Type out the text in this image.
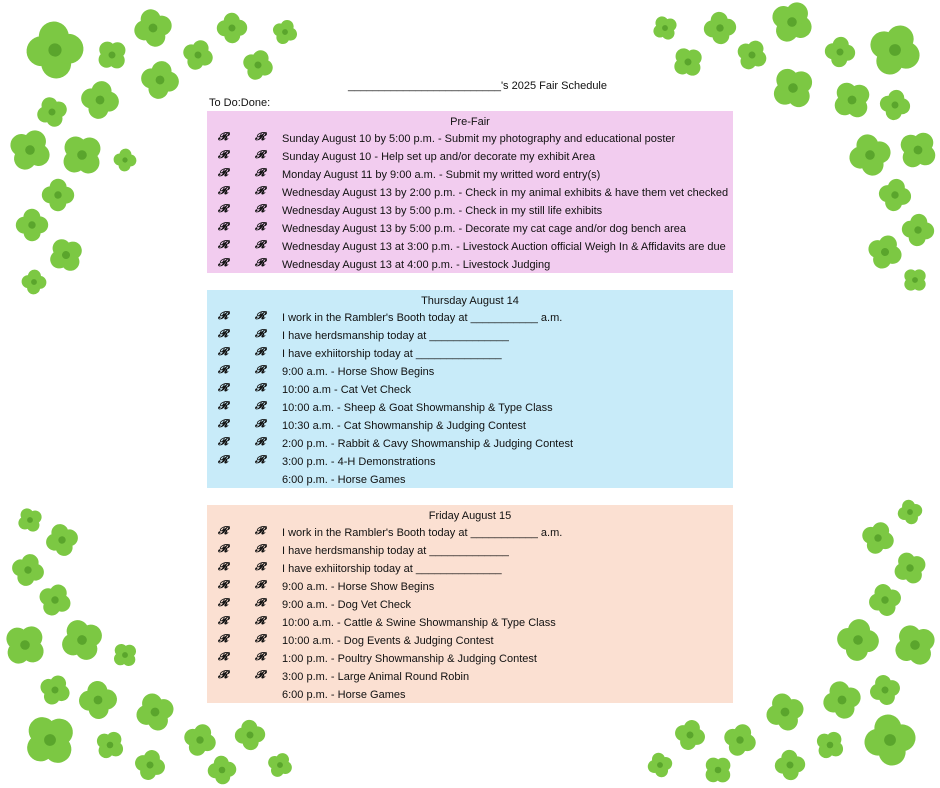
_________________________'s 2025 Fair Schedule
To Do:Done:
Pre-Fair
𝓡 𝓡 Sunday August 10 by 5:00 p.m. - Submit my photography and educational poster
𝓡 𝓡 Sunday August 10 - Help set up and/or decorate my exhibit Area
𝓡 𝓡 Monday August 11 by 9:00 a.m. - Submit my writted word entry(s)
𝓡 𝓡 Wednesday August 13 by 2:00 p.m. - Check in my animal exhibits & have them vet checked
𝓡 𝓡 Wednesday August 13 by 5:00 p.m. - Check in my still life exhibits
𝓡 𝓡 Wednesday August 13 by 5:00 p.m. - Decorate my cat cage and/or dog bench area
𝓡 𝓡 Wednesday August 13 at 3:00 p.m. - Livestock Auction official Weigh In & Affidavits are due
𝓡 𝓡 Wednesday August 13 at 4:00 p.m. - Livestock Judging
Thursday August 14
𝓡 𝓡 I work in the Rambler's Booth today at ___________ a.m.
𝓡 𝓡 I have herdsmanship today at _____________
𝓡 𝓡 I have exhiitorship today at ______________
𝓡 𝓡 9:00 a.m. - Horse Show Begins
𝓡 𝓡 10:00 a.m - Cat Vet Check
𝓡 𝓡 10:00 a.m. - Sheep & Goat Showmanship & Type Class
𝓡 𝓡 10:30 a.m. - Cat Showmanship & Judging Contest
𝓡 𝓡 2:00 p.m. - Rabbit & Cavy Showmanship & Judging Contest
𝓡 𝓡 3:00 p.m. - 4-H Demonstrations
6:00 p.m. - Horse Games
Friday August 15
𝓡 𝓡 I work in the Rambler's Booth today at ___________ a.m.
𝓡 𝓡 I have herdsmanship today at _____________
𝓡 𝓡 I have exhiitorship today at ______________
𝓡 𝓡 9:00 a.m. - Horse Show Begins
𝓡 𝓡 9:00 a.m. - Dog Vet Check
𝓡 𝓡 10:00 a.m. - Cattle & Swine Showmanship & Type Class
𝓡 𝓡 10:00 a.m. - Dog Events & Judging Contest
𝓡 𝓡 1:00 p.m. - Poultry Showmanship & Judging Contest
𝓡 𝓡 3:00 p.m. - Large Animal Round Robin
6:00 p.m. - Horse Games
